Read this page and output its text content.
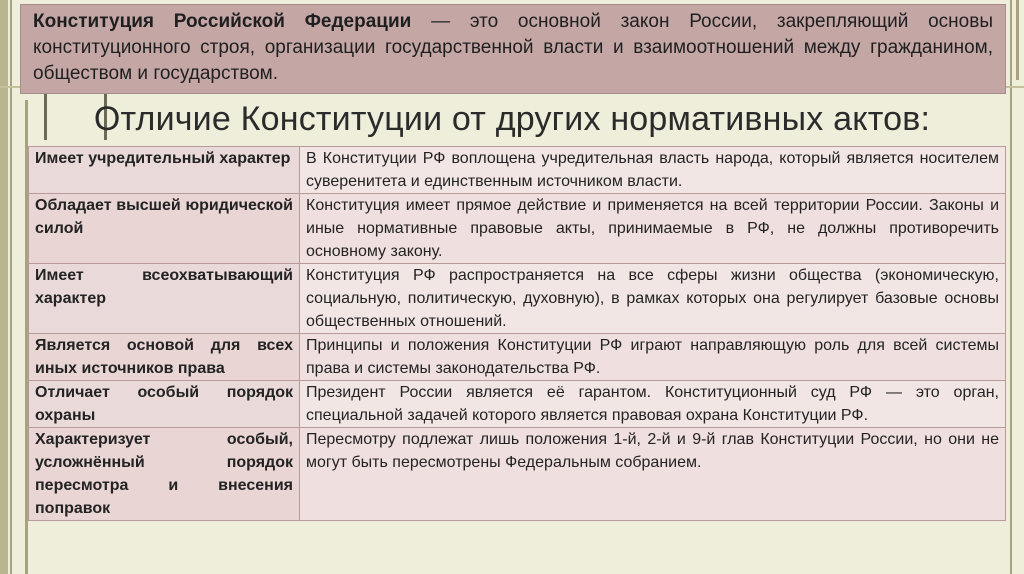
Конституция Российской Федерации — это основной закон России, закрепляющий основы конституционного строя, организации государственной власти и взаимоотношений между гражданином, обществом и государством.
Отличие Конституции от других нормативных актов:
Имеет учредительный характер	В Конституции РФ воплощена учредительная власть народа, который является носителем суверенитета и единственным источником власти.
Обладает высшей юридической силой	Конституция имеет прямое действие и применяется на всей территории России. Законы и иные нормативные правовые акты, принимаемые в РФ, не должны противоречить основному закону.
Имеет всеохватывающий характер	Конституция РФ распространяется на все сферы жизни общества (экономическую, социальную, политическую, духовную), в рамках которых она регулирует базовые основы общественных отношений.
Является основой для всех иных источников права	Принципы и положения Конституции РФ играют направляющую роль для всей системы права и системы законодательства РФ.
Отличает особый порядок охраны	Президент России является её гарантом. Конституционный суд РФ — это орган, специальной задачей которого является правовая охрана Конституции РФ.
Характеризует особый, усложнённый порядок пересмотра и внесения поправок	Пересмотру подлежат лишь положения 1-й, 2-й и 9-й глав Конституции России, но они не могут быть пересмотрены Федеральным собранием.
